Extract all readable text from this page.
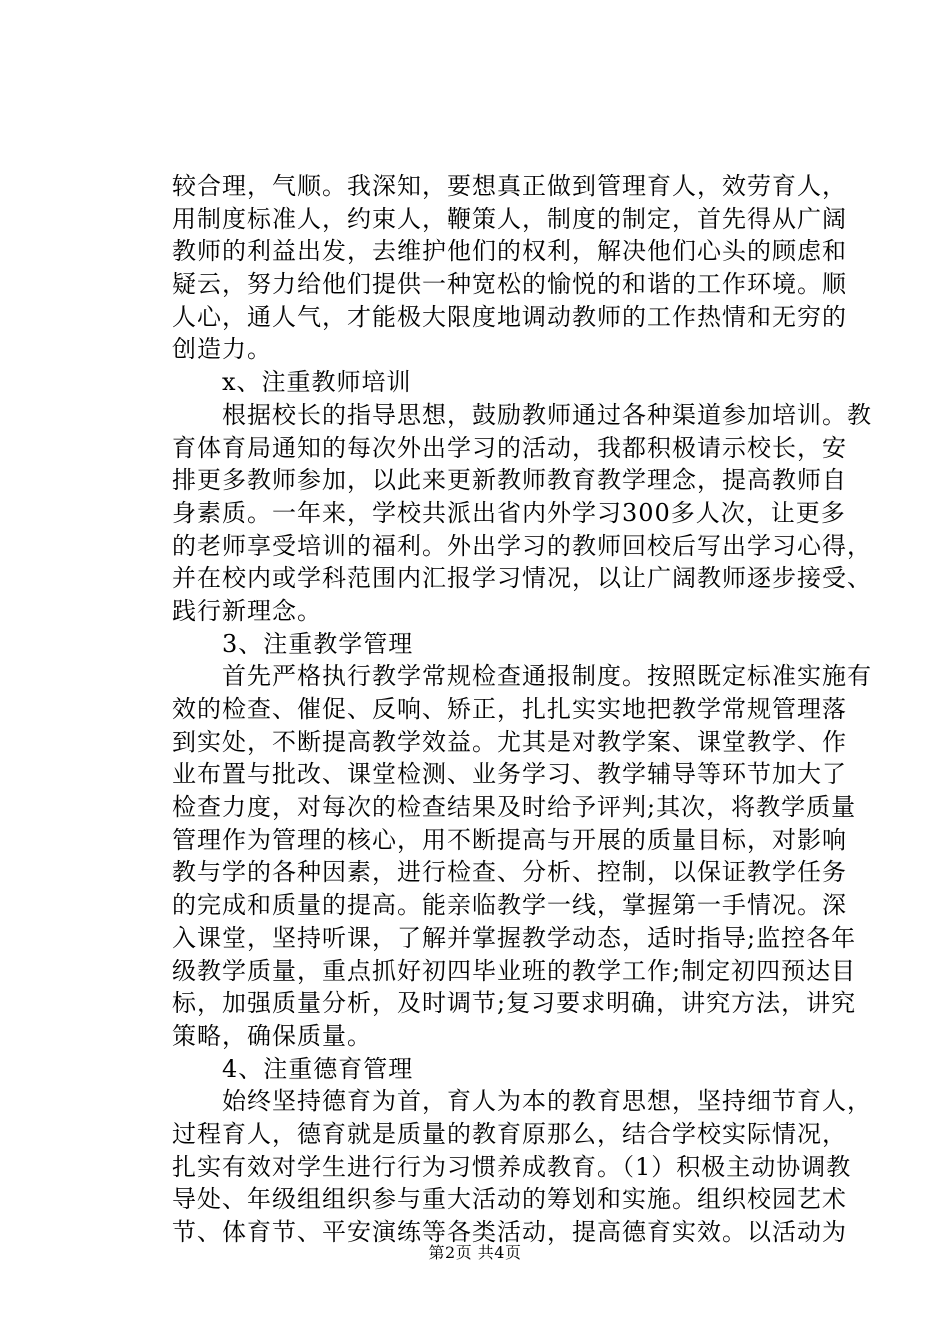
较合理，气顺。我深知，要想真正做到管理育人，效劳育人，
用制度标准人，约束人，鞭策人，制度的制定，首先得从广阔
教师的利益出发，去维护他们的权利，解决他们心头的顾虑和
疑云，努力给他们提供一种宽松的愉悦的和谐的工作环境。顺
人心，通人气，才能极大限度地调动教师的工作热情和无穷的
创造力。
　　x、注重教师培训
　　根据校长的指导思想，鼓励教师通过各种渠道参加培训。教
育体育局通知的每次外出学习的活动，我都积极请示校长，安
排更多教师参加，以此来更新教师教育教学理念，提高教师自
身素质。一年来，学校共派出省内外学习300多人次，让更多
的老师享受培训的福利。外出学习的教师回校后写出学习心得，
并在校内或学科范围内汇报学习情况，以让广阔教师逐步接受、
践行新理念。
　　3、注重教学管理
　　首先严格执行教学常规检查通报制度。按照既定标准实施有
效的检查、催促、反响、矫正，扎扎实实地把教学常规管理落
到实处，不断提高教学效益。尤其是对教学案、课堂教学、作
业布置与批改、课堂检测、业务学习、教学辅导等环节加大了
检查力度，对每次的检查结果及时给予评判;其次，将教学质量
管理作为管理的核心，用不断提高与开展的质量目标，对影响
教与学的各种因素，进行检查、分析、控制，以保证教学任务
的完成和质量的提高。能亲临教学一线，掌握第一手情况。深
入课堂，坚持听课，了解并掌握教学动态，适时指导;监控各年
级教学质量，重点抓好初四毕业班的教学工作;制定初四预达目
标，加强质量分析，及时调节;复习要求明确，讲究方法，讲究
策略，确保质量。
　　4、注重德育管理
　　始终坚持德育为首，育人为本的教育思想，坚持细节育人，
过程育人，德育就是质量的教育原那么，结合学校实际情况，
扎实有效对学生进行行为习惯养成教育。（1）积极主动协调教
导处、年级组组织参与重大活动的筹划和实施。组织校园艺术
节、体育节、平安演练等各类活动，提高德育实效。以活动为
第2页 共4页
